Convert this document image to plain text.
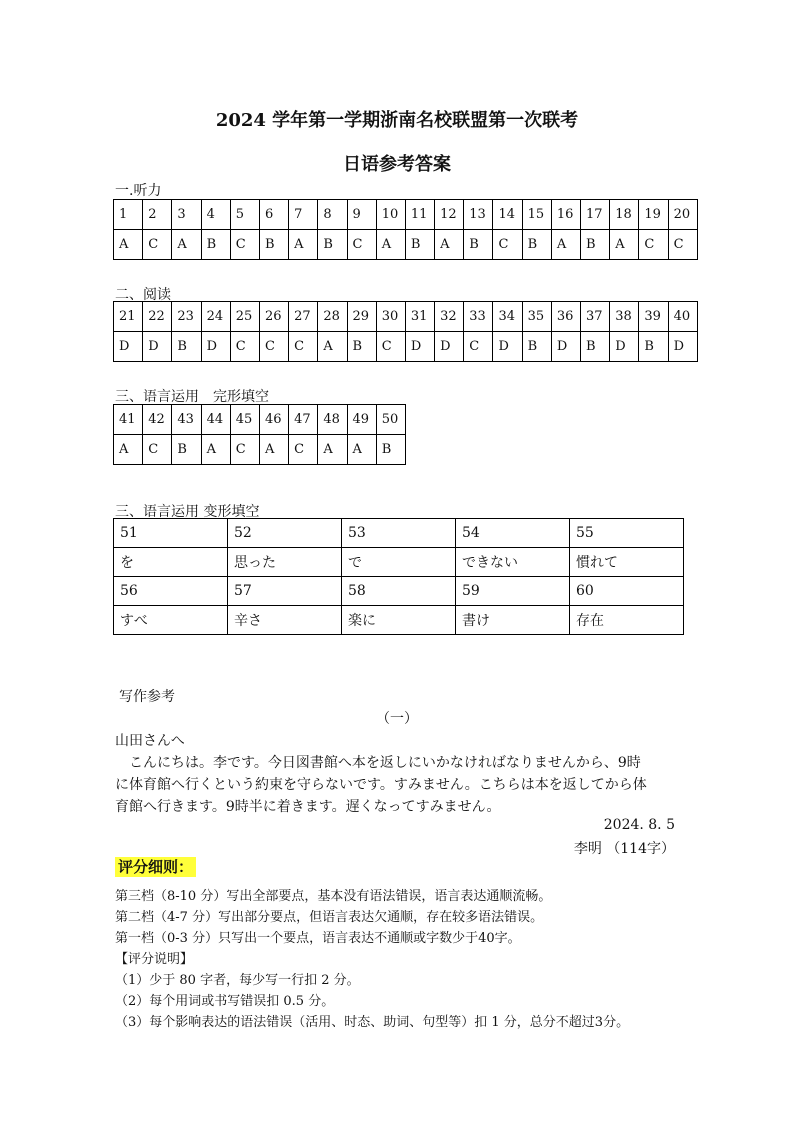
2024 学年第一学期浙南名校联盟第一次联考
日语参考答案
一.听力
1	2	3	4	5	6	7	8	9	10	11	12	13	14	15	16	17	18	19	20
A	C	A	B	C	B	A	B	C	A	B	A	B	C	B	A	B	A	C	C
二、阅读
21	22	23	24	25	26	27	28	29	30	31	32	33	34	35	36	37	38	39	40
D	D	B	D	C	C	C	A	B	C	D	D	C	D	B	D	B	D	B	D
三、语言运用　完形填空
41	42	43	44	45	46	47	48	49	50
A	C	B	A	C	A	C	A	A	B
三、语言运用 变形填空
51	52	53	54	55
を	思った	で	できない	慣れて
56	57	58	59	60
すべ	辛さ	楽に	書け	存在
写作参考
（一）
山田さんへ
　こんにちは。李です。今日図書館へ本を返しにいかなければなりませんから、9時
に体育館へ行くという約束を守らないです。すみません。こちらは本を返してから体
育館へ行きます。9時半に着きます。遅くなってすみません。
2024. 8. 5
李明 （114字）
评分细则：
第三档（8-10 分）写出全部要点，基本没有语法错误，语言表达通顺流畅。
第二档（4-7 分）写出部分要点，但语言表达欠通顺，存在较多语法错误。
第一档（0-3 分）只写出一个要点，语言表达不通顺或字数少于40字。
【评分说明】
（1）少于 80 字者，每少写一行扣 2 分。
（2）每个用词或书写错误扣 0.5 分。
（3）每个影响表达的语法错误（活用、时态、助词、句型等）扣 1 分，总分不超过3分。
